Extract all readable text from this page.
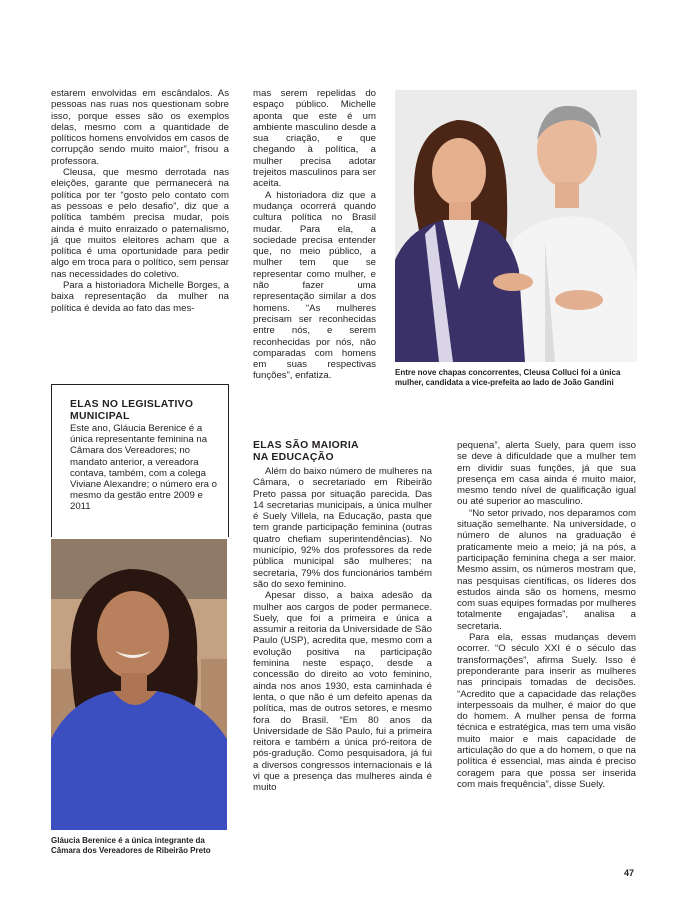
estarem envolvidas em escândalos. As pessoas nas ruas nos questionam sobre isso, porque esses são os exemplos delas, mesmo com a quantidade de políticos homens envolvidos em casos de corrupção sendo muito maior”, frisou a professora.

Cleusa, que mesmo derrotada nas eleições, garante que permanecerá na política por ter “gosto pelo contato com as pessoas e pelo desafio”, diz que a política também precisa mudar, pois ainda é muito enraizado o paternalismo, já que muitos eleitores acham que a política é uma oportunidade para pedir algo em troca para o político, sem pensar nas necessidades do coletivo.

Para a historiadora Michelle Borges, a baixa representação da mulher na política é devida ao fato das mes-

mas serem repelidas do espaço público. Michelle aponta que este é um ambiente masculino desde a sua criação, e que chegando à política, a mulher precisa adotar trejeitos masculinos para ser aceita.

A historiadora diz que a mudança ocorrerá quando cultura política no Brasil mudar. Para ela, a sociedade precisa entender que, no meio público, a mulher tem que se representar como mulher, e não fazer uma representação similar a dos homens. “As mulheres precisam ser reconhecidas entre nós, e serem reconhecidas por nós, não comparadas com homens em suas respectivas funções”, enfatiza.	Entre nove chapas concorrentes, Cleusa Colluci foi a única
mulher, candidata a vice-prefeita ao lado de João Gandini
ELAS NO LEGISLATIVO
MUNICIPAL
Este ano, Gláucia Berenice é a única representante feminina na Câmara dos Vereadores; no mandato anterior, a vereadora contava, também, com a colega Viviane Alexandre; o número era o mesmo da gestão entre 2009 e 2011
Gláucia Berenice é a única integrante da
Câmara dos Vereadores de Ribeirão Preto
ELAS SÃO MAIORIA
NA EDUCAÇÃO

Além do baixo número de mulheres na Câmara, o secretariado em Ribeirão Preto passa por situação parecida. Das 14 secretarias municipais, a única mulher é Suely Villela, na Educação, pasta que tem grande participação feminina (outras quatro chefiam superintendências). No município, 92% dos professores da rede pública municipal são mulheres; na secretaria, 79% dos funcionários também são do sexo feminino.

Apesar disso, a baixa adesão da mulher aos cargos de poder permanece. Suely, que foi a primeira e única a assumir a reitoria da Universidade de São Paulo (USP), acredita que, mesmo com a evolução positiva na participação feminina neste espaço, desde a concessão do direito ao voto feminino, ainda nos anos 1930, esta caminhada é lenta, o que não é um defeito apenas da política, mas de outros setores, e mesmo fora do Brasil. “Em 80 anos da Universidade de São Paulo, fui a primeira reitora e também a única pró-reitora de pós-gradução. Como pesquisadora, já fui a diversos congressos internacionais e lá vi que a presença das mulheres ainda é muito

pequena”, alerta Suely, para quem isso se deve à dificuldade que a mulher tem em dividir suas funções, já que sua presença em casa ainda é muito maior, mesmo tendo nível de qualificação igual ou até superior ao masculino.

“No setor privado, nos deparamos com situação semelhante. Na universidade, o número de alunos na graduação é praticamente meio a meio; já na pós, a participação feminina chega a ser maior. Mesmo assim, os números mostram que, nas pesquisas científicas, os líderes dos estudos ainda são os homens, mesmo com suas equipes formadas por mulheres totalmente engajadas”, analisa a secretaria.

Para ela, essas mudanças devem ocorrer. “O século XXI é o século das transformações”, afirma Suely. Isso é preponderante para inserir as mulheres nas principais tomadas de decisões. “Acredito que a capacidade das relações interpessoais da mulher, é maior do que do homem. A mulher pensa de forma técnica e estratégica, mas tem uma visão muito maior e mais capacidade de articulação do que a do homem, o que na política é essencial, mas ainda é preciso coragem para que possa ser inserida com mais frequência”, disse Suely.

47
